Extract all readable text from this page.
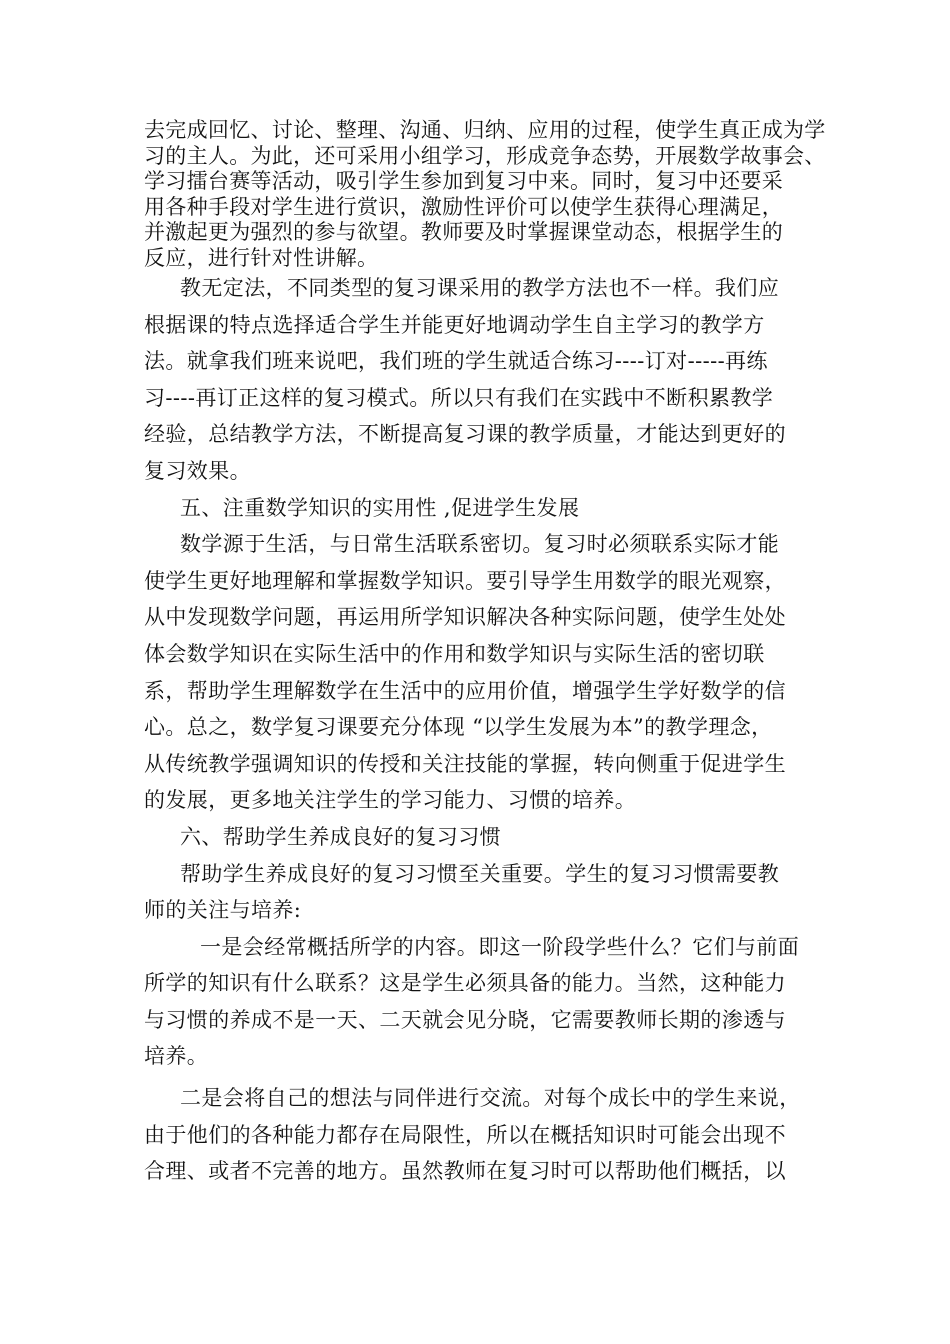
去完成回忆、讨论、整理、沟通、归纳、应用的过程，使学生真正成为学
习的主人。为此，还可采用小组学习，形成竞争态势，开展数学故事会、
学习擂台赛等活动，吸引学生参加到复习中来。同时，复习中还要采
用各种手段对学生进行赏识，激励性评价可以使学生获得心理满足，
并激起更为强烈的参与欲望。教师要及时掌握课堂动态，根据学生的
反应，进行针对性讲解。
教无定法，不同类型的复习课采用的教学方法也不一样。我们应
根据课的特点选择适合学生并能更好地调动学生自主学习的教学方
法。就拿我们班来说吧，我们班的学生就适合练习----订对-----再练
习----再订正这样的复习模式。所以只有我们在实践中不断积累教学
经验，总结教学方法，不断提高复习课的教学质量，才能达到更好的
复习效果。
五、注重数学知识的实用性 ,促进学生发展
数学源于生活，与日常生活联系密切。复习时必须联系实际才能
使学生更好地理解和掌握数学知识。要引导学生用数学的眼光观察，
从中发现数学问题，再运用所学知识解决各种实际问题，使学生处处
体会数学知识在实际生活中的作用和数学知识与实际生活的密切联
系，帮助学生理解数学在生活中的应用价值，增强学生学好数学的信
心。总之，数学复习课要充分体现 “以学生发展为本”的教学理念，
从传统教学强调知识的传授和关注技能的掌握，转向侧重于促进学生
的发展，更多地关注学生的学习能力、习惯的培养。
六、帮助学生养成良好的复习习惯
帮助学生养成良好的复习习惯至关重要。学生的复习习惯需要教
师的关注与培养:
一是会经常概括所学的内容。即这一阶段学些什么？它们与前面
所学的知识有什么联系？这是学生必须具备的能力。当然，这种能力
与习惯的养成不是一天、二天就会见分晓，它需要教师长期的渗透与
培养。
二是会将自己的想法与同伴进行交流。对每个成长中的学生来说，
由于他们的各种能力都存在局限性，所以在概括知识时可能会出现不
合理、或者不完善的地方。虽然教师在复习时可以帮助他们概括，以
